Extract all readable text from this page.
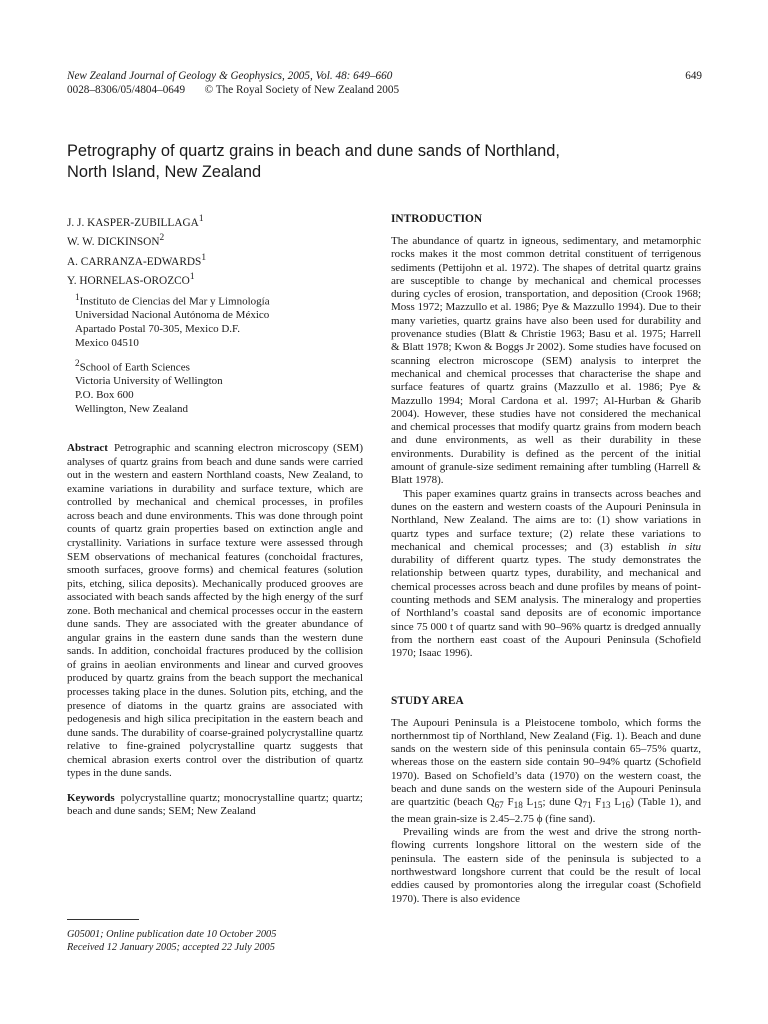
New Zealand Journal of Geology & Geophysics, 2005, Vol. 48: 649–660
0028–8306/05/4804–0649       © The Royal Society of New Zealand 2005
649
Petrography of quartz grains in beach and dune sands of Northland,
North Island, New Zealand
J. J. KASPER-ZUBILLAGA$^1$
W. W. DICKINSON$^2$
A. CARRANZA-EDWARDS$^1$
Y. HORNELAS-OROZCO$^1$
$^1$Instituto de Ciencias del Mar y Limnología
Universidad Nacional Autónoma de México
Apartado Postal 70-305, Mexico D.F.
Mexico 04510
$^2$School of Earth Sciences
Victoria University of Wellington
P.O. Box 600
Wellington, New Zealand

Abstract Petrographic and scanning electron microscopy (SEM) analyses of quartz grains from beach and dune sands were carried out in the western and eastern Northland coasts, New Zealand, to examine variations in durability and surface texture, which are controlled by mechanical and chemical processes, in profiles across beach and dune environments. This was done through point counts of quartz grain properties based on extinction angle and crystallinity. Variations in surface texture were assessed through SEM observations of mechanical features (conchoidal fractures, smooth surfaces, groove forms) and chemical features (solution pits, etching, silica deposits). Mechanically produced grooves are associated with beach sands affected by the high energy of the surf zone. Both mechanical and chemical processes occur in the eastern dune sands. They are associated with the greater abundance of angular grains in the eastern dune sands than the western dune sands. In addition, conchoidal fractures produced by the collision of grains in aeolian environments and linear and curved grooves produced by quartz grains from the beach support the mechanical processes taking place in the dunes. Solution pits, etching, and the presence of diatoms in the quartz grains are associated with pedogenesis and high silica precipitation in the eastern beach and dune sands. The durability of coarse-grained polycrystalline quartz relative to fine-grained polycrystalline quartz suggests that chemical abrasion exerts control over the distribution of quartz types in the dune sands.

Keywords polycrystalline quartz; monocrystalline quartz; quartz; beach and dune sands; SEM; New Zealand

G05001; Online publication date 10 October 2005
Received 12 January 2005; accepted 22 July 2005
INTRODUCTION

The abundance of quartz in igneous, sedimentary, and metamorphic rocks makes it the most common detrital constituent of terrigenous sediments (Pettijohn et al. 1972). The shapes of detrital quartz grains are susceptible to change by mechanical and chemical processes during cycles of erosion, transportation, and deposition (Crook 1968; Moss 1972; Mazzullo et al. 1986; Pye & Mazzullo 1994). Due to their many varieties, quartz grains have also been used for durability and provenance studies (Blatt & Christie 1963; Basu et al. 1975; Harrell & Blatt 1978; Kwon & Boggs Jr 2002). Some studies have focused on scanning electron microscope (SEM) analysis to interpret the mechanical and chemical processes that characterise the shape and surface features of quartz grains (Mazzullo et al. 1986; Pye & Mazzullo 1994; Moral Cardona et al. 1997; Al-Hurban & Gharib 2004). However, these studies have not considered the mechanical and chemical processes that modify quartz grains from modern beach and dune environments, as well as their durability in these environments. Durability is defined as the percent of the initial amount of granule-size sediment remaining after tumbling (Harrell & Blatt 1978).

This paper examines quartz grains in transects across beaches and dunes on the eastern and western coasts of the Aupouri Peninsula in Northland, New Zealand. The aims are to: (1) show variations in quartz types and surface texture; (2) relate these variations to mechanical and chemical processes; and (3) establish in situ durability of different quartz types. The study demonstrates the relationship between quartz types, durability, and mechanical and chemical processes across beach and dune profiles by means of point-counting methods and SEM analysis. The mineralogy and properties of Northland’s coastal sand deposits are of economic importance since 75 000 t of quartz sand with 90–96% quartz is dredged annually from the northern east coast of the Aupouri Peninsula (Schofield 1970; Isaac 1996).

STUDY AREA

The Aupouri Peninsula is a Pleistocene tombolo, which forms the northernmost tip of Northland, New Zealand (Fig. 1). Beach and dune sands on the western side of this peninsula contain 65–75% quartz, whereas those on the eastern side contain 90–94% quartz (Schofield 1970). Based on Schofield’s data (1970) on the western coast, the beach and dune sands on the western side of the Aupouri Peninsula are quartzitic (beach $Q_{67}$ $F_{18}$ $L_{15}$; dune $Q_{71}$ $F_{13}$ $L_{16}$) (Table 1), and the mean grain-size is 2.45–2.75 ϕ (fine sand).

Prevailing winds are from the west and drive the strong north-flowing currents longshore littoral on the western side of the peninsula. The eastern side of the peninsula is subjected to a northwestward longshore current that could be the result of local eddies caused by promontories along the irregular coast (Schofield 1970). There is also evidence
